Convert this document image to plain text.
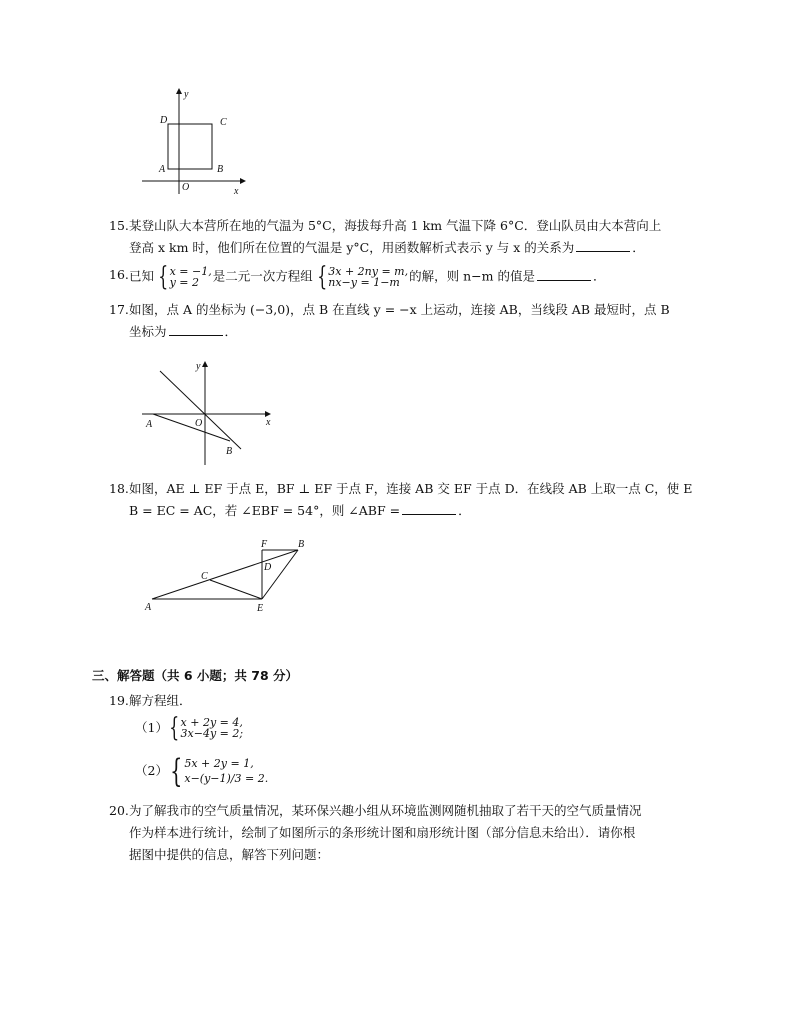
y
x
D	C
A	B
O
15. 某登山队大本营所在地的气温为 5°C，海拔每升高 1 km 气温下降 6°C．登山队员由大本营向上
登高 x km 时，他们所在位置的气温是 y°C，用函数解析式表示 y 与 x 的关系为	．
16. 已知 { x = −1,
y = 2	是二元一次方程组 { 3x + 2ny = m,
nx−y = 1−m 的解，则 n−m 的值是	．
17. 如图，点 A 的坐标为 (−3,0)，点 B 在直线 y = −x 上运动，连接 AB，当线段 AB 最短时，点 B
坐标为	．
y
x
A	O
B
18. 如图，AE ⊥ EF 于点 E，BF ⊥ EF 于点 F，连接 AB 交 EF 于点 D．在线段 AB 上取一点 C，使 E
B = EC = AC，若 ∠EBF = 54°，则 ∠ABF =	．
F	B
D
C
A	E
三、解答题（共 6 小题；共 78 分）
19. 解方程组．
（1） { x + 2y = 4,
3x−4y = 2;
（2） { 5x + 2y = 1,
x−(y−1)/3 = 2.
20. 为了解我市的空气质量情况，某环保兴趣小组从环境监测网随机抽取了若干天的空气质量情况
作为样本进行统计，绘制了如图所示的条形统计图和扇形统计图（部分信息未给出）．请你根
据图中提供的信息，解答下列问题：
